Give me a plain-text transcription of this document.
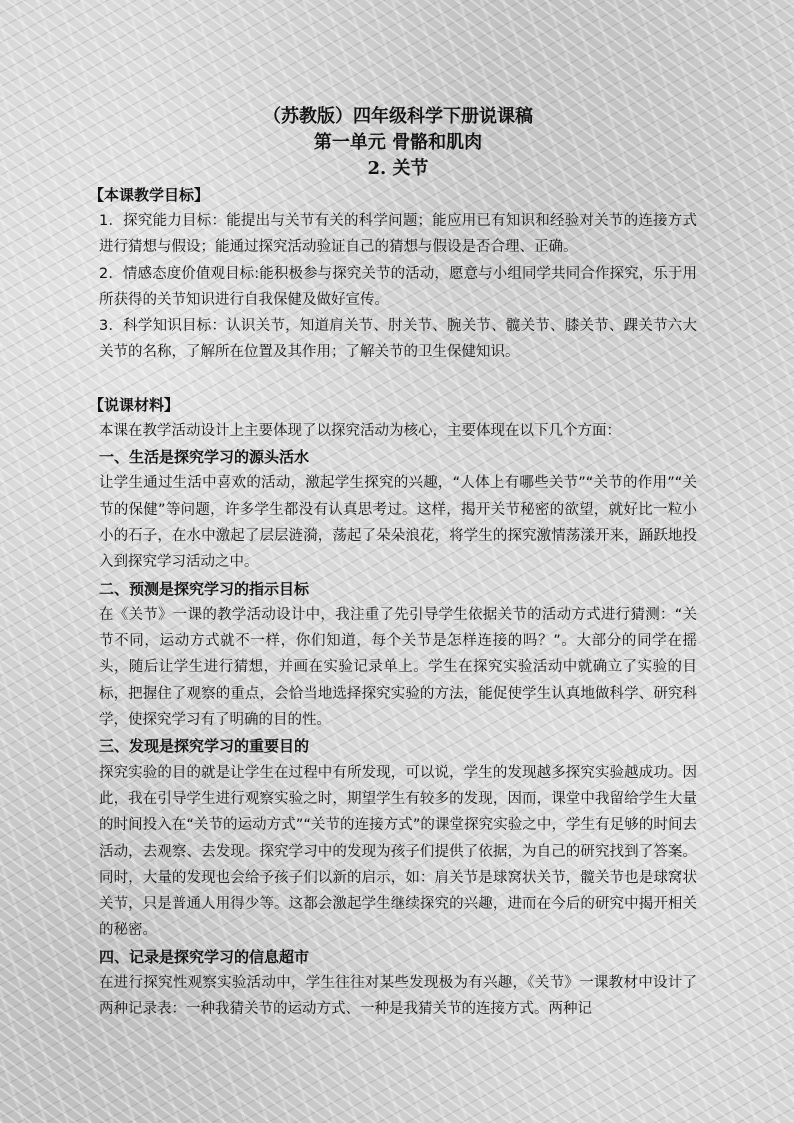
（苏教版）四年级科学下册说课稿

第一单元 骨骼和肌肉

2. 关节

【本课教学目标】

1．探究能力目标：能提出与关节有关的科学问题；能应用已有知识和经验对关节的连接方式进行猜想与假设；能通过探究活动验证自己的猜想与假设是否合理、正确。

2．情感态度价值观目标:能积极参与探究关节的活动，愿意与小组同学共同合作探究，乐于用所获得的关节知识进行自我保健及做好宣传。

3．科学知识目标：认识关节，知道肩关节、肘关节、腕关节、髋关节、膝关节、踝关节六大关节的名称，了解所在位置及其作用；了解关节的卫生保健知识。

【说课材料】

本课在教学活动设计上主要体现了以探究活动为核心，主要体现在以下几个方面：

一、生活是探究学习的源头活水

让学生通过生活中喜欢的活动，激起学生探究的兴趣，“人体上有哪些关节”“关节的作用”“关节的保健”等问题，许多学生都没有认真思考过。这样，揭开关节秘密的欲望，就好比一粒小小的石子，在水中激起了层层涟漪，荡起了朵朵浪花，将学生的探究激情荡漾开来，踊跃地投入到探究学习活动之中。

二、预测是探究学习的指示目标

在《关节》一课的教学活动设计中，我注重了先引导学生依据关节的活动方式进行猜测：“关节不同，运动方式就不一样，你们知道，每个关节是怎样连接的吗？”。大部分的同学在摇头，随后让学生进行猜想，并画在实验记录单上。学生在探究实验活动中就确立了实验的目标，把握住了观察的重点，会恰当地选择探究实验的方法，能促使学生认真地做科学、研究科学，使探究学习有了明确的目的性。

三、发现是探究学习的重要目的

探究实验的目的就是让学生在过程中有所发现，可以说，学生的发现越多探究实验越成功。因此，我在引导学生进行观察实验之时，期望学生有较多的发现，因而，课堂中我留给学生大量的时间投入在“关节的运动方式”“关节的连接方式”的课堂探究实验之中，学生有足够的时间去活动，去观察、去发现。探究学习中的发现为孩子们提供了依据，为自己的研究找到了答案。同时，大量的发现也会给予孩子们以新的启示，如：肩关节是球窝状关节，髋关节也是球窝状关节，只是普通人用得少等。这都会激起学生继续探究的兴趣，进而在今后的研究中揭开相关的秘密。

四、记录是探究学习的信息超市

在进行探究性观察实验活动中，学生往往对某些发现极为有兴趣，《关节》一课教材中设计了两种记录表：一种我猜关节的运动方式、一种是我猜关节的连接方式。两种记
